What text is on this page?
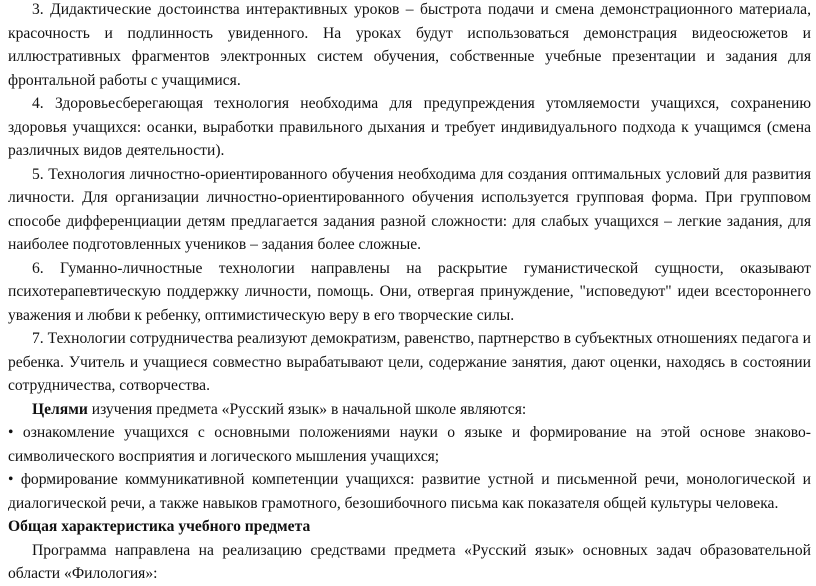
3. Дидактические достоинства интерактивных уроков – быстрота подачи и смена демонстрационного материала, красочность и подлинность увиденного. На уроках будут использоваться демонстрация видеосюжетов и иллюстративных фрагментов электронных систем обучения, собственные учебные презентации и задания для фронтальной работы с учащимися.

4. Здоровьесберегающая технология необходима для предупреждения утомляемости учащихся, сохранению здоровья учащихся: осанки, выработки правильного дыхания и требует индивидуального подхода к учащимся (смена различных видов деятельности).

5. Технология личностно-ориентированного обучения необходима для создания оптимальных условий для развития личности. Для организации личностно-ориентированного обучения используется групповая форма. При групповом способе дифференциации детям предлагается задания разной сложности: для слабых учащихся – легкие задания, для наиболее подготовленных учеников – задания более сложные.

6. Гуманно-личностные технологии направлены на раскрытие гуманистической сущности, оказывают психотерапевтическую поддержку личности, помощь. Они, отвергая принуждение, "исповедуют" идеи всестороннего уважения и любви к ребенку, оптимистическую веру в его творческие силы.

7. Технологии сотрудничества реализуют демократизм, равенство, партнерство в субъектных отношениях педагога и ребенка. Учитель и учащиеся совместно вырабатывают цели, содержание занятия, дают оценки, находясь в состоянии сотрудничества, сотворчества.

Целями изучения предмета «Русский язык» в начальной школе являются:

• ознакомление учащихся с основными положениями науки о языке и формирование на этой основе знаково-символического восприятия и логического мышления учащихся;

• формирование коммуникативной компетенции учащихся: развитие устной и письменной речи, монологической и диалогической речи, а также навыков грамотного, безошибочного письма как показателя общей культуры человека.

Общая характеристика учебного предмета

Программа направлена на реализацию средствами предмета «Русский язык» основных задач образовательной области «Филология»:
